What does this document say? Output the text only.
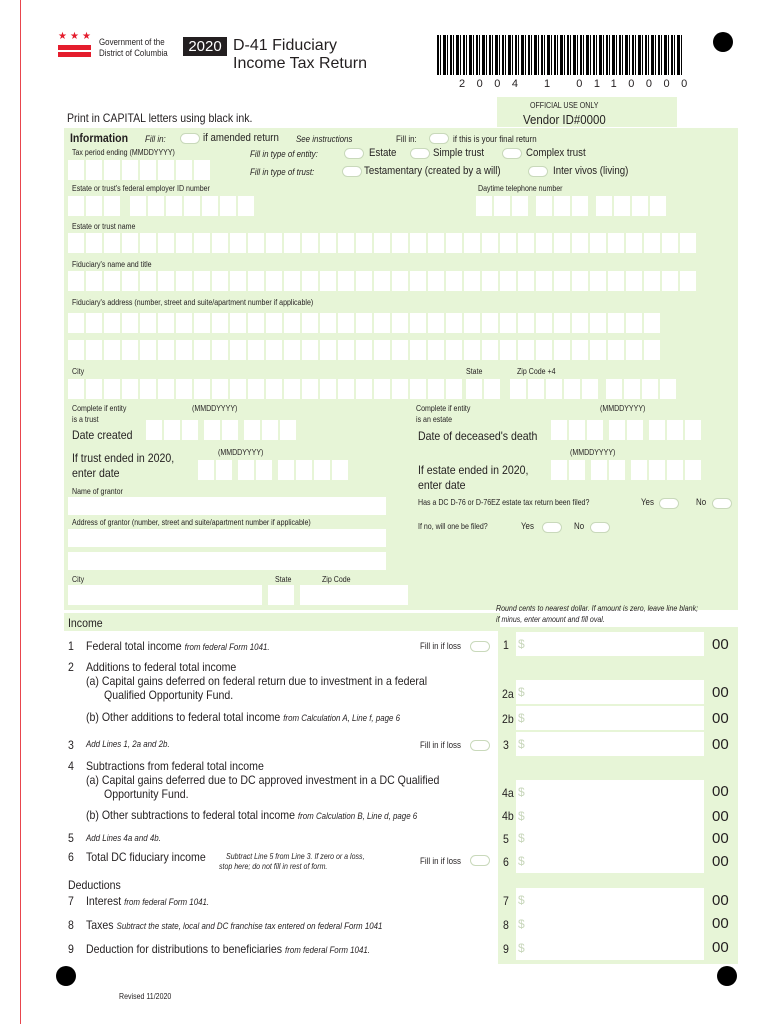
★ ★ ★ Government of the
District of Columbia	2020 D-41 Fiduciary
Income Tax Return
2004 1 0110000
OFFICIAL USE ONLY
Vendor ID#0000
Print in CAPITAL letters using black ink.
Information Fill in:	if amended return See instructions	Fill in:	if this is your final return
Tax period ending (MMDDYYYY)	Fill in type of entity:	Estate	Simple trust	Complex trust
Fill in type of trust:	Testamentary (created by a will)	Inter vivos (living)
Estate or trust's federal employer ID number	Daytime telephone number
Estate or trust name
Fiduciary's name and title
Fiduciary's address (number, street and suite/apartment number if applicable)
City	State	Zip Code +4
Complete if entity
is a trust
(MMDDYYYY)
Date created
Complete if entity
is an estate
(MMDDYYYY)
Date of deceased's death
(MMDDYYYY)
If trust ended in 2020,
enter date
(MMDDYYYY)
If estate ended in 2020,
enter date
Name of grantor
Has a DC D-76 or D-76EZ estate tax return been filed?	Yes	No
Address of grantor (number, street and suite/apartment number if applicable)	If no, will one be filed?	Yes	No
City	State	Zip Code
Income
Round cents to nearest dollar. If amount is zero, leave line blank;
if minus, enter amount and fill oval.
1 Federal total income from federal Form 1041.	Fill in if loss	1 $	00
2 Additions to federal total income
(a) Capital gains deferred on federal return due to investment in a federal
Qualified Opportunity Fund.	2a $	00
(b) Other additions to federal total income from Calculation A, Line f, page 6	2b $	00
3 Add Lines 1, 2a and 2b.	Fill in if loss	3 $	00
4 Subtractions from federal total income
(a) Capital gains deferred due to DC approved investment in a DC Qualified
Opportunity Fund.	4a $	00
(b) Other subtractions to federal total income from Calculation B, Line d, page 6	4b $	00
5 Add Lines 4a and 4b.	5 $	00
6 Total DC fiduciary income	Subtract Line 5 from Line 3. If zero or a loss,
stop here; do not fill in rest of form.
Fill in if loss	6 $	00
Deductions
7 Interest from federal Form 1041.	7 $	00
8 Taxes Subtract the state, local and DC franchise tax entered on federal Form 1041	8 $	00
9 Deduction for distributions to beneficiaries from federal Form 1041.	9 $	00
Revised 11/2020
